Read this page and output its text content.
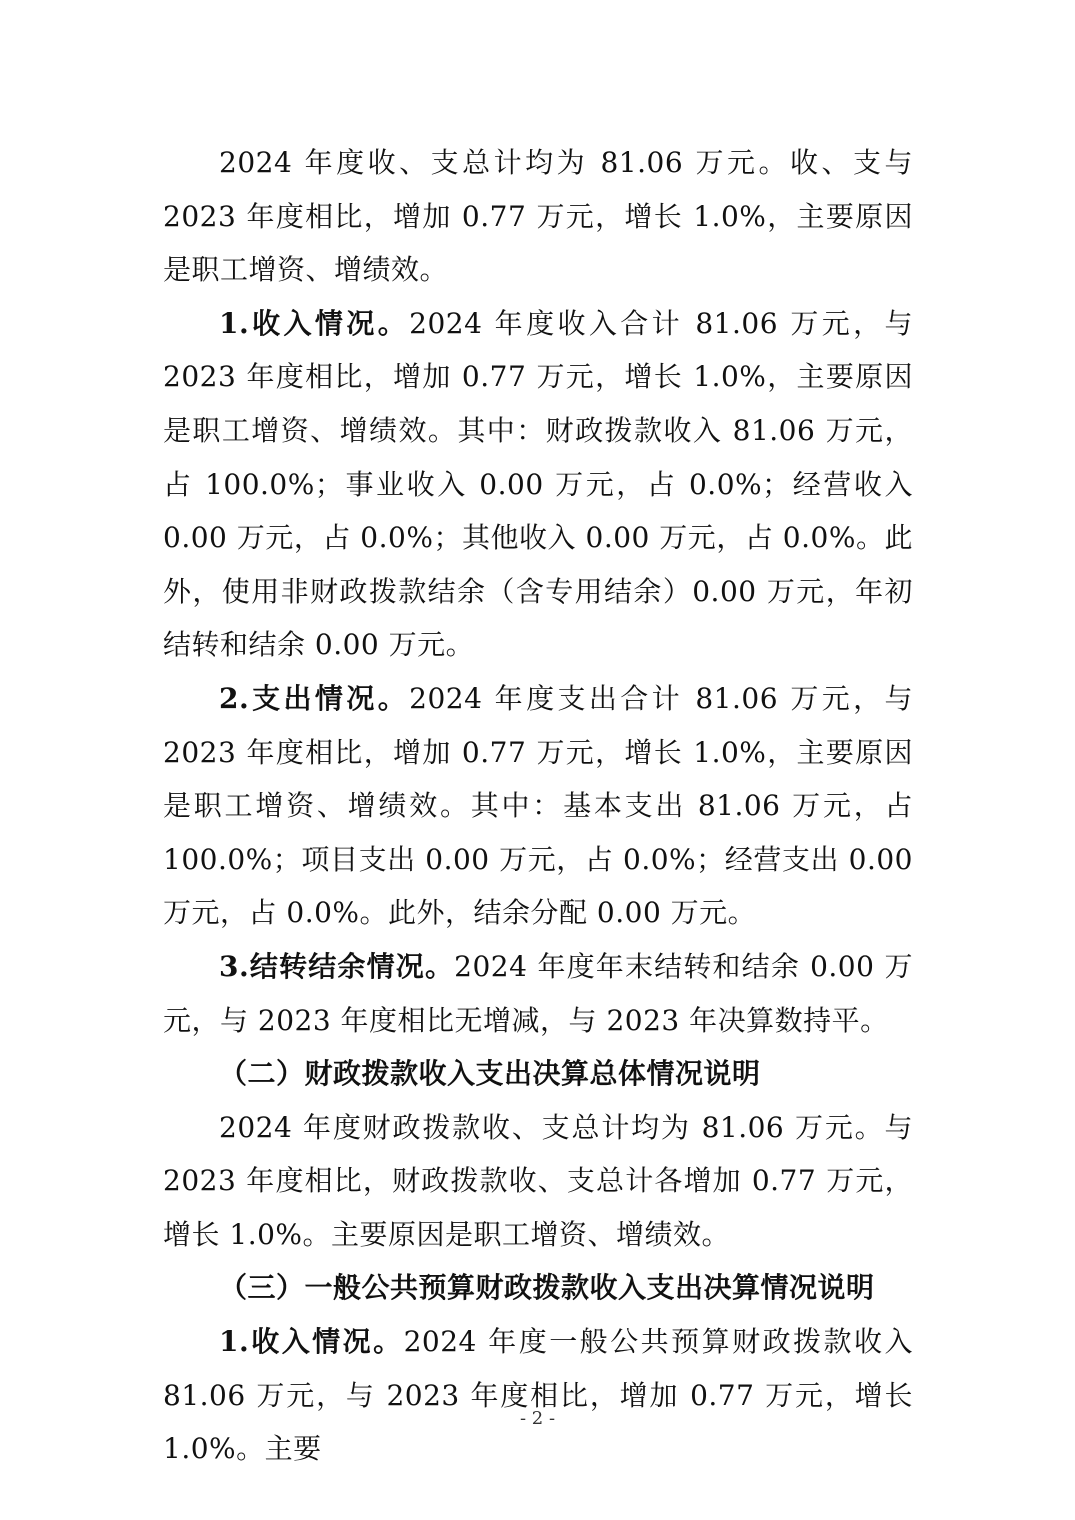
2024 年度收、支总计均为 81.06 万元。收、支与 2023 年度相比，增加 0.77 万元，增长 1.0%，主要原因是职工增资、增绩效。

1.收入情况。2024 年度收入合计 81.06 万元，与 2023 年度相比，增加 0.77 万元，增长 1.0%，主要原因是职工增资、增绩效。其中：财政拨款收入 81.06 万元，占 100.0%；事业收入 0.00 万元，占 0.0%；经营收入 0.00 万元，占 0.0%；其他收入 0.00 万元，占 0.0%。此外，使用非财政拨款结余（含专用结余）0.00 万元，年初结转和结余 0.00 万元。

2.支出情况。2024 年度支出合计 81.06 万元，与 2023 年度相比，增加 0.77 万元，增长 1.0%，主要原因是职工增资、增绩效。其中：基本支出 81.06 万元，占 100.0%；项目支出 0.00 万元，占 0.0%；经营支出 0.00 万元，占 0.0%。此外，结余分配 0.00 万元。

3.结转结余情况。2024 年度年末结转和结余 0.00 万元，与 2023 年度相比无增减，与 2023 年决算数持平。

（二）财政拨款收入支出决算总体情况说明

2024 年度财政拨款收、支总计均为 81.06 万元。与 2023 年度相比，财政拨款收、支总计各增加 0.77 万元，增长 1.0%。主要原因是职工增资、增绩效。

（三）一般公共预算财政拨款收入支出决算情况说明

1.收入情况。2024 年度一般公共预算财政拨款收入 81.06 万元，与 2023 年度相比，增加 0.77 万元，增长 1.0%。主要

- 2 -
